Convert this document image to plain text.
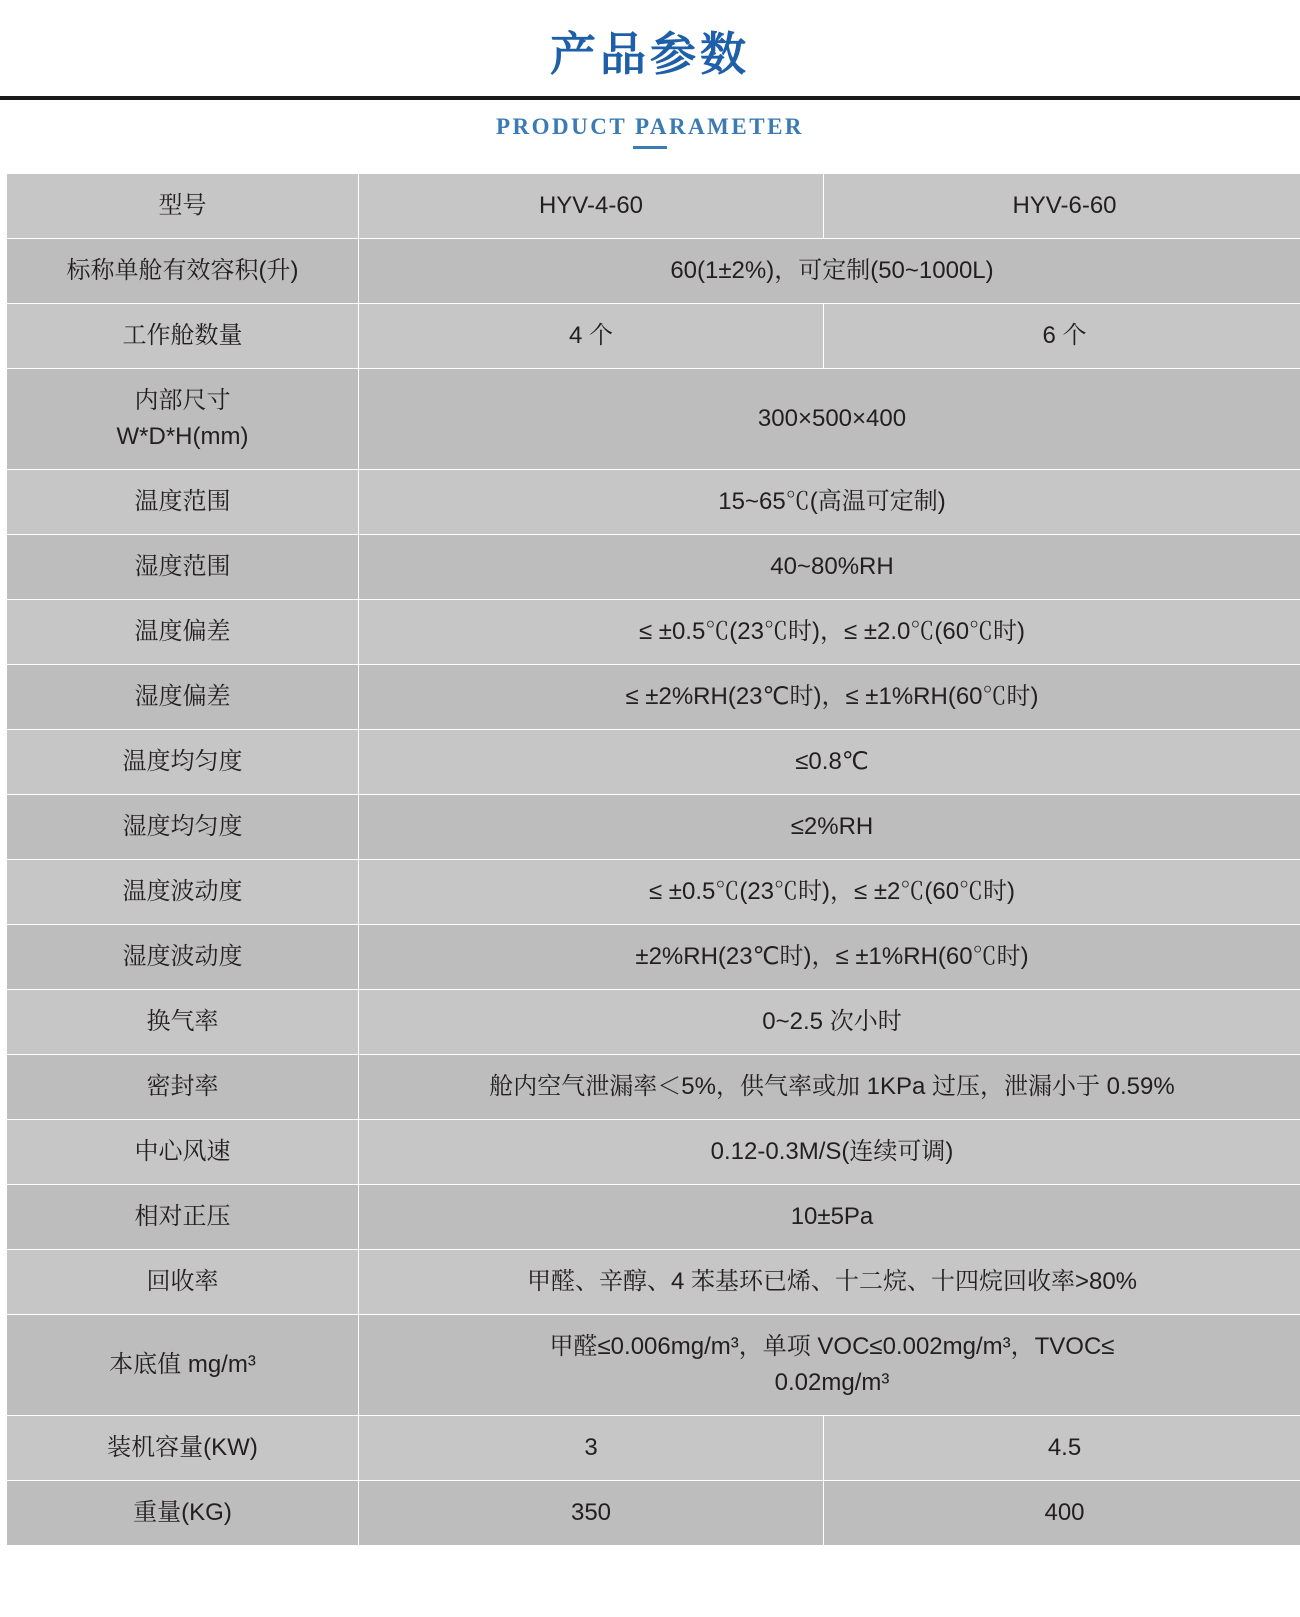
产品参数
PRODUCT PARAMETER
型号	HYV-4-60	HYV-6-60
标称单舱有效容积(升)	60(1±2%)，可定制(50~1000L)	
工作舱数量	4 个	6 个

内部尺寸
W*D*H(mm)	300×500×400	
温度范围	15~65℃(高温可定制)	
湿度范围	40~80%RH	
温度偏差	≤ ±0.5℃(23℃时)，≤ ±2.0℃(60℃时)	
湿度偏差	≤ ±2%RH(23℃时)，≤ ±1%RH(60℃时)	
温度均匀度	≤0.8℃	
湿度均匀度	≤2%RH	
温度波动度	≤ ±0.5℃(23℃时)，≤ ±2℃(60℃时)	
湿度波动度	±2%RH(23℃时)，≤ ±1%RH(60℃时)	
换气率	0~2.5 次小时	
密封率	舱内空气泄漏率＜5%，供气率或加 1KPa 过压，泄漏小于 0.59%	
中心风速	0.12-0.3M/S(连续可调)	
相对正压	10±5Pa	
回收率	甲醛、辛醇、4 苯基环已烯、十二烷、十四烷回收率>80%	
本底值 mg/m³	甲醛≤0.006mg/m³，单项 VOC≤0.002mg/m³，TVOC≤
0.02mg/m³	

装机容量(KW)	3	4.5
重量(KG)	350	400
